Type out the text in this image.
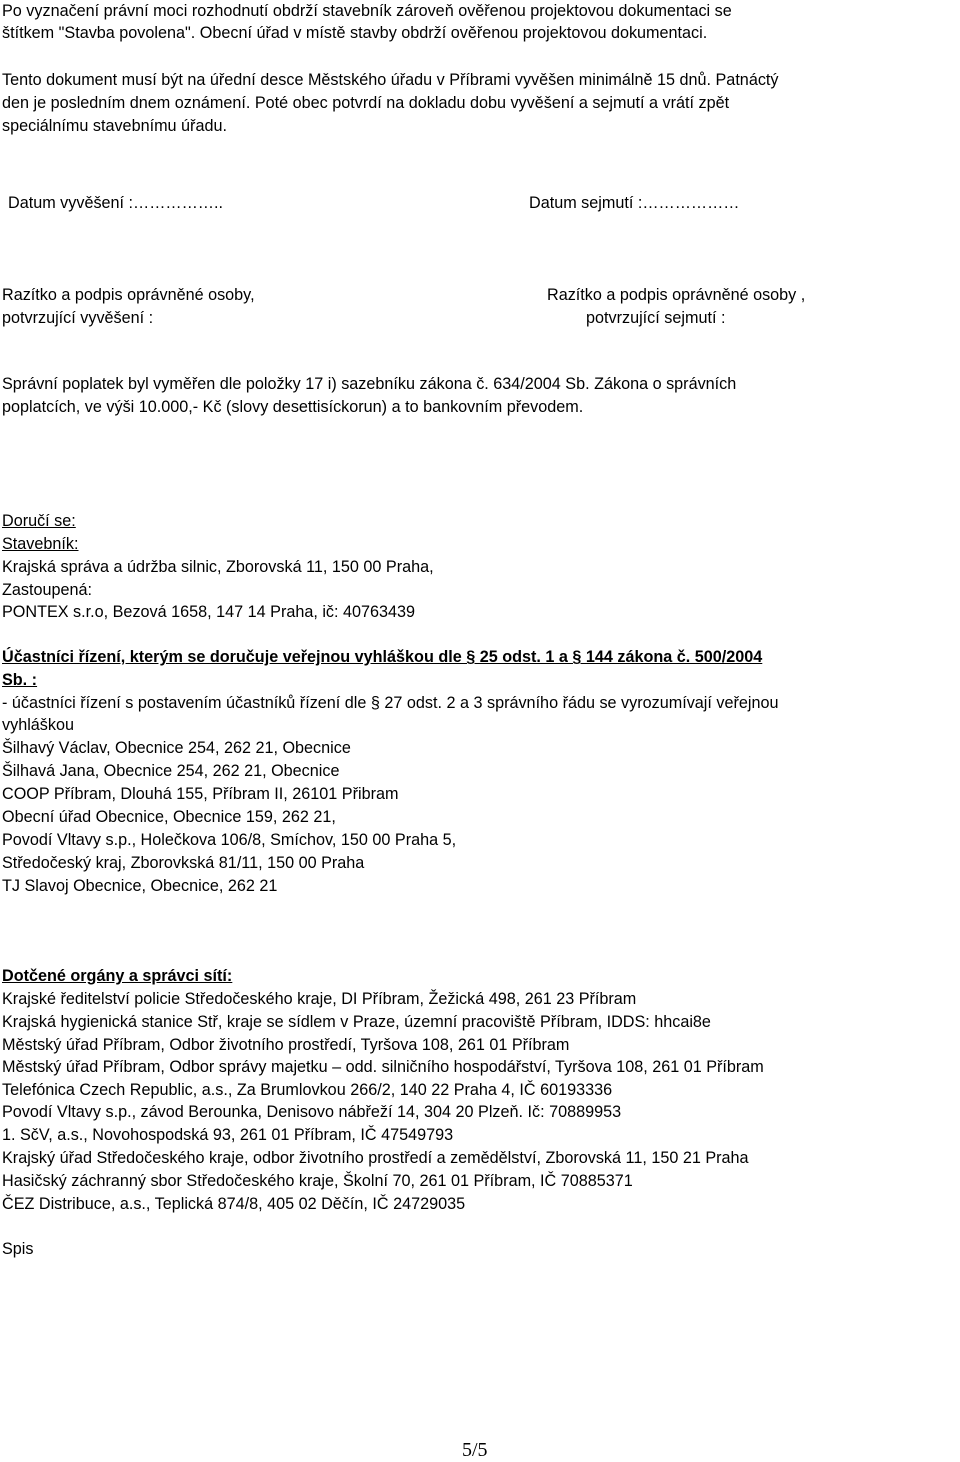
Po vyznačení právní moci rozhodnutí obdrží stavebník zároveň ověřenou projektovou dokumentaci se
štítkem "Stavba povolena". Obecní úřad v místě stavby obdrží ověřenou projektovou dokumentaci.
Tento dokument musí být na úřední desce Městského úřadu v Příbrami vyvěšen minimálně 15 dnů. Patnáctý
den je posledním dnem oznámení. Poté obec potvrdí na dokladu dobu vyvěšení a sejmutí a vrátí zpět
speciálnímu stavebnímu úřadu.
Datum vyvěšení :……………..	Datum sejmutí :………………
Razítko a podpis oprávněné osoby,
potvrzující vyvěšení :
Razítko a podpis oprávněné osoby ,
potvrzující sejmutí :
Správní poplatek byl vyměřen dle položky 17 i) sazebníku zákona č. 634/2004 Sb. Zákona o správních
poplatcích, ve výši 10.000,- Kč (slovy desettisíckorun) a to bankovním převodem.
Doručí se:
Stavebník:
Krajská správa a údržba silnic, Zborovská 11, 150 00 Praha,
Zastoupená:
PONTEX s.r.o, Bezová 1658, 147 14 Praha, ič: 40763439
Účastníci řízení, kterým se doručuje veřejnou vyhláškou dle § 25 odst. 1 a § 144 zákona č. 500/2004
Sb. :
- účastníci řízení s postavením účastníků řízení dle § 27 odst. 2 a 3 správního řádu se vyrozumívají veřejnou
vyhláškou
Šilhavý Václav, Obecnice 254, 262 21, Obecnice
Šilhavá Jana, Obecnice 254, 262 21, Obecnice
COOP Příbram, Dlouhá 155, Příbram II, 26101 Přibram
Obecní úřad Obecnice, Obecnice 159, 262 21,
Povodí Vltavy s.p., Holečkova 106/8, Smíchov, 150 00 Praha 5,
Středočeský kraj, Zborovkská 81/11, 150 00 Praha
TJ Slavoj Obecnice, Obecnice, 262 21
Dotčené orgány a správci sítí:
Krajské ředitelství policie Středočeského kraje, DI Příbram, Žežická 498, 261 23 Příbram
Krajská hygienická stanice Stř, kraje se sídlem v Praze, územní pracoviště Příbram, IDDS: hhcai8e
Městský úřad Příbram, Odbor životního prostředí, Tyršova 108, 261 01 Příbram
Městský úřad Příbram, Odbor správy majetku – odd. silničního hospodářství, Tyršova 108, 261 01 Příbram
Telefónica Czech Republic, a.s., Za Brumlovkou 266/2, 140 22 Praha 4, IČ 60193336
Povodí Vltavy s.p., závod Berounka, Denisovo nábřeží 14, 304 20 Plzeň. Ič: 70889953
1. SčV, a.s., Novohospodská 93, 261 01 Příbram, IČ 47549793
Krajský úřad Středočeského kraje, odbor životního prostředí a zemědělství, Zborovská 11, 150 21 Praha
Hasičský záchranný sbor Středočeského kraje, Školní 70, 261 01 Příbram, IČ 70885371
ČEZ Distribuce, a.s., Teplická 874/8, 405 02 Děčín, IČ 24729035
Spis
5/5
